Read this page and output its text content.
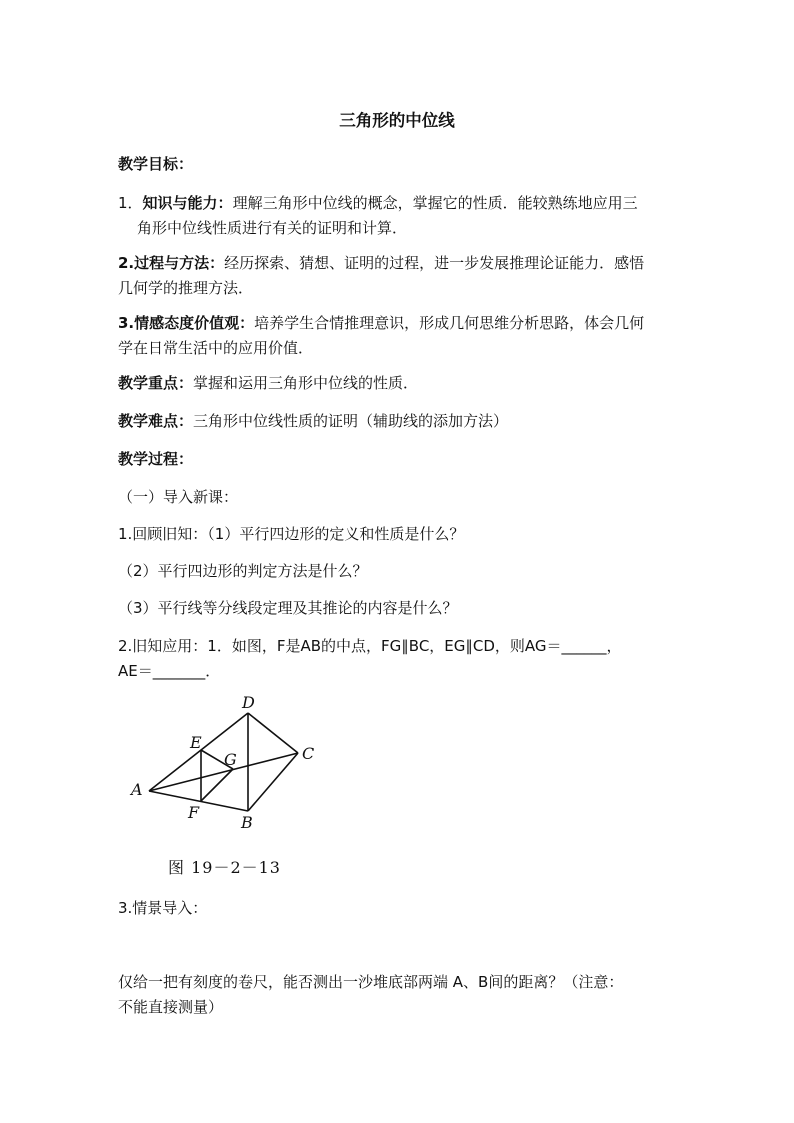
三角形的中位线
教学目标：
1．知识与能力：理解三角形中位线的概念，掌握它的性质．能较熟练地应用三
角形中位线性质进行有关的证明和计算．
2.过程与方法：经历探索、猜想、证明的过程，进一步发展推理论证能力．感悟
几何学的推理方法．
3.情感态度价值观：培养学生合情推理意识，形成几何思维分析思路，体会几何
学在日常生活中的应用价值．
教学重点：掌握和运用三角形中位线的性质．
教学难点：三角形中位线性质的证明（辅助线的添加方法）
教学过程：
（一）导入新课：
1.回顾旧知：（1）平行四边形的定义和性质是什么？
（2）平行四边形的判定方法是什么？
（3）平行线等分线段定理及其推论的内容是什么？
2.旧知应用：1．如图，F是AB的中点，FG∥BC，EG∥CD，则AG＝______，
AE＝_______．
A
D
E
G	C
F
B
图 19－2－13
3.情景导入：
仅给一把有刻度的卷尺，能否测出一沙堆底部两端 A、B间的距离？（注意：
不能直接测量）
